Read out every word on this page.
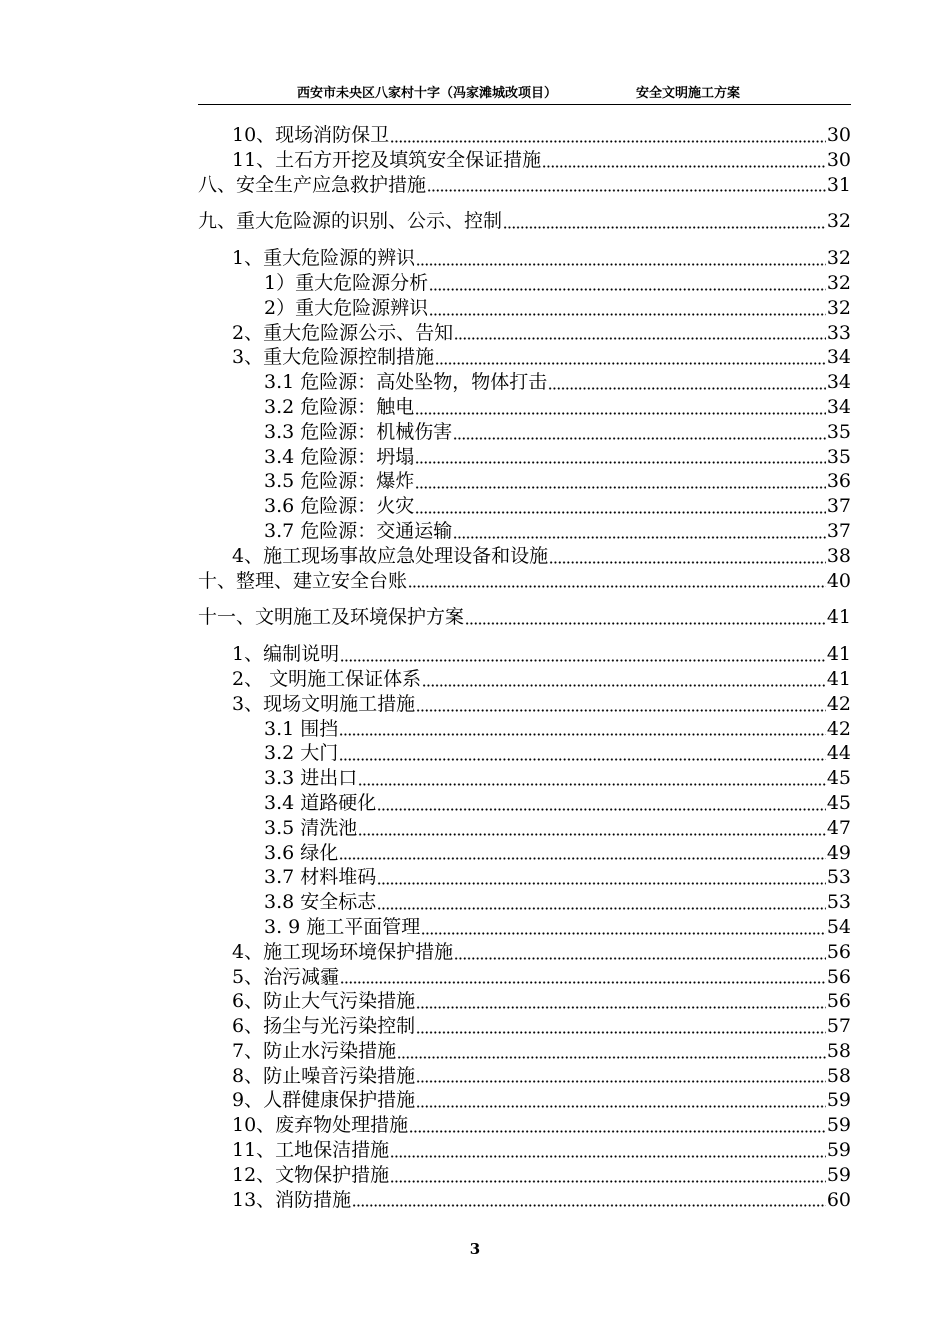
西安市未央区八家村十字（冯家滩城改项目）	安全文明施工方案
10、现场消防保卫	30
11、土石方开挖及填筑安全保证措施	30
八、安全生产应急救护措施	31
九、重大危险源的识别、公示、控制	32
1、重大危险源的辨识	32
1）重大危险源分析	32
2）重大危险源辨识	32
2、重大危险源公示、告知	33
3、重大危险源控制措施	34
3.1 危险源：高处坠物，物体打击	34
3.2 危险源：触电	34
3.3 危险源：机械伤害	35
3.4 危险源：坍塌	35
3.5 危险源：爆炸	36
3.6 危险源：火灾	37
3.7 危险源：交通运输	37
4、施工现场事故应急处理设备和设施	38
十、整理、建立安全台账	40
十一、文明施工及环境保护方案	41
1、编制说明	41
2、 文明施工保证体系	41
3、现场文明施工措施	42
3.1 围挡	42
3.2 大门	44
3.3 进出口	45
3.4 道路硬化	45
3.5 清洗池	47
3.6 绿化	49
3.7 材料堆码	53
3.8 安全标志	53
3. 9 施工平面管理	54
4、施工现场环境保护措施	56
5、治污减霾	56
6、防止大气污染措施	56
6、扬尘与光污染控制	57
7、防止水污染措施	58
8、防止噪音污染措施	58
9、人群健康保护措施	59
10、废弃物处理措施	59
11、工地保洁措施	59
12、文物保护措施	59
13、消防措施	60
3
